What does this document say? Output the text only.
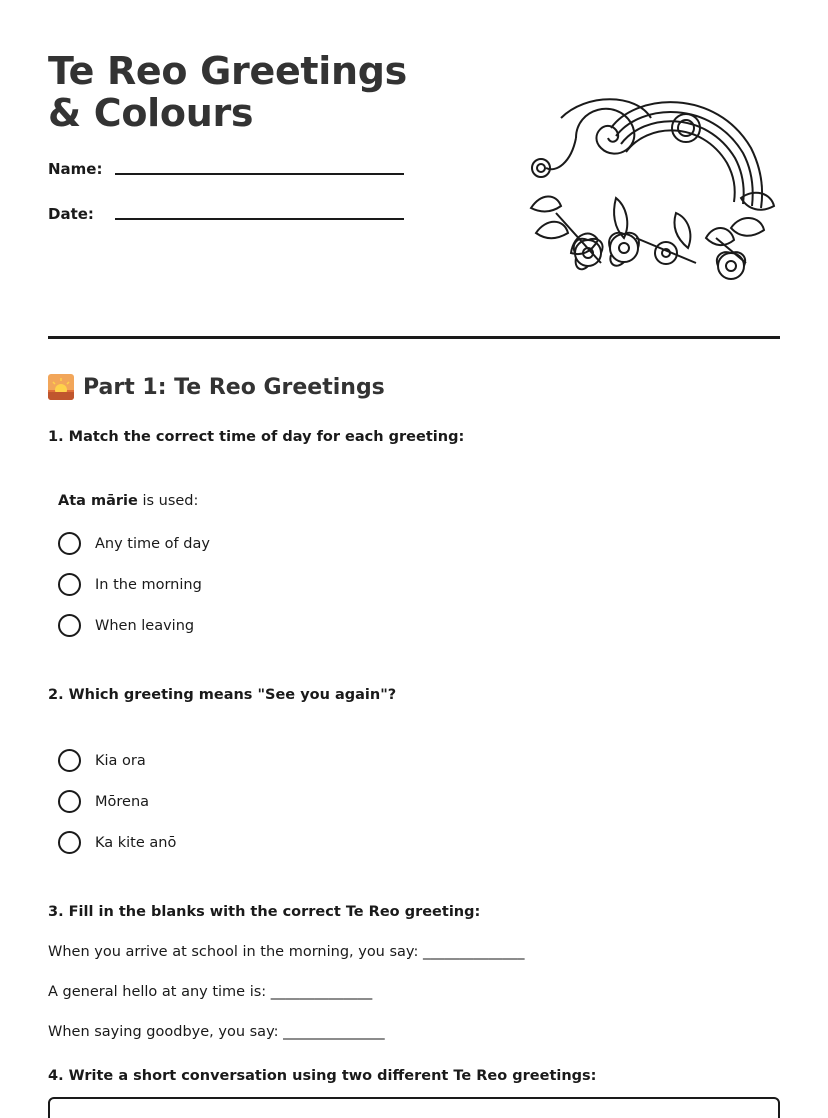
Te Reo Greetings & Colours
Name:
Date:
Part 1: Te Reo Greetings
1. Match the correct time of day for each greeting:
Ata mārie is used:
Any time of day
In the morning
When leaving
2. Which greeting means "See you again"?
Kia ora
Mōrena
Ka kite anō
3. Fill in the blanks with the correct Te Reo greeting:
When you arrive at school in the morning, you say: ______________
A general hello at any time is: ______________
When saying goodbye, you say: ______________
4. Write a short conversation using two different Te Reo greetings:
